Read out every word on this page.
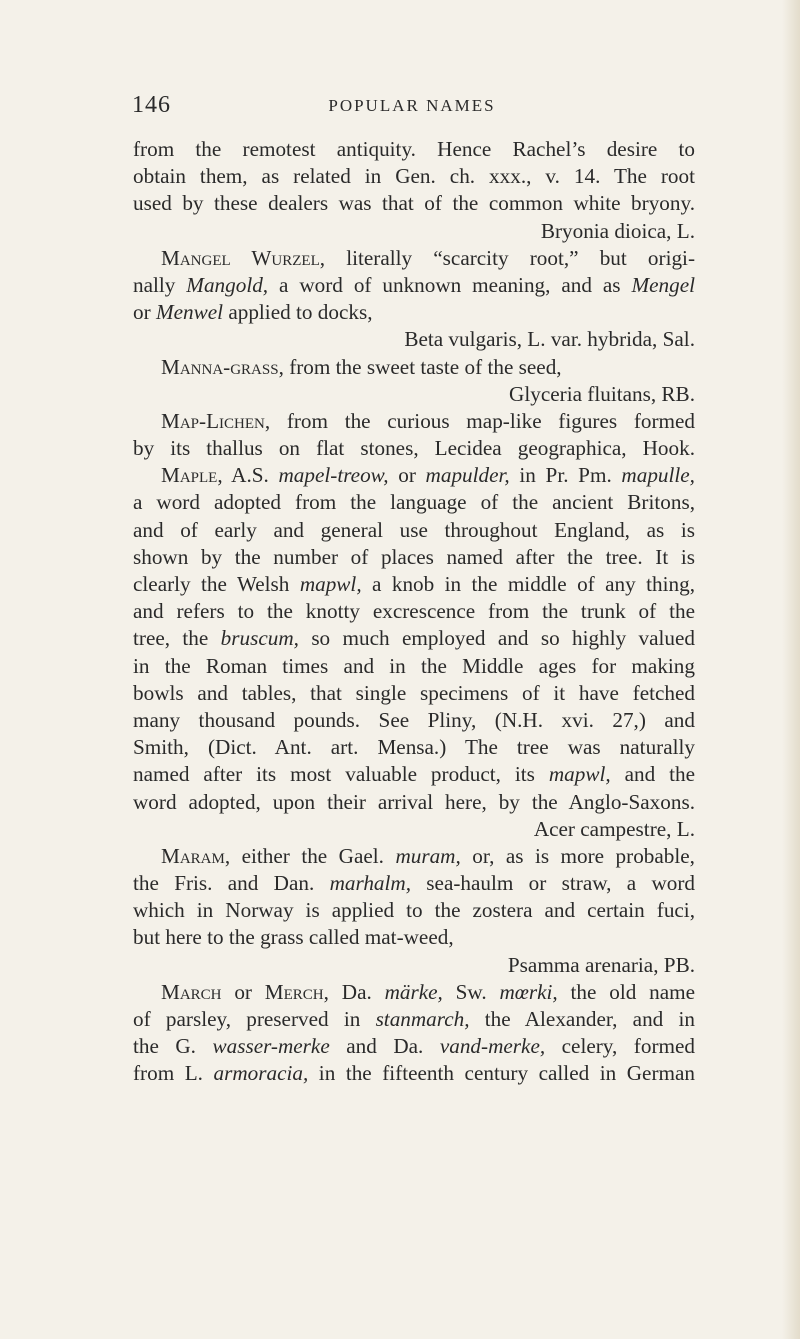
146	POPULAR NAMES
from the remotest antiquity. Hence Rachel’s desire to
obtain them, as related in Gen. ch. xxx., v. 14. The root
used by these dealers was that of the common white bryony.
Bryonia dioica, L.
Mangel Wurzel, literally “scarcity root,” but origi-
nally Mangold, a word of unknown meaning, and as Mengel
or Menwel applied to docks,
Beta vulgaris, L. var. hybrida, Sal.
Manna-grass, from the sweet taste of the seed,
Glyceria fluitans, RB.
Map-Lichen, from the curious map-like figures formed
by its thallus on flat stones, Lecidea geographica, Hook.
Maple, A.S. mapel-treow, or mapulder, in Pr. Pm. mapulle,
a word adopted from the language of the ancient Britons,
and of early and general use throughout England, as is
shown by the number of places named after the tree. It is
clearly the Welsh mapwl, a knob in the middle of any thing,
and refers to the knotty excrescence from the trunk of the
tree, the bruscum, so much employed and so highly valued
in the Roman times and in the Middle ages for making
bowls and tables, that single specimens of it have fetched
many thousand pounds. See Pliny, (N.H. xvi. 27,) and
Smith, (Dict. Ant. art. Mensa.) The tree was naturally
named after its most valuable product, its mapwl, and the
word adopted, upon their arrival here, by the Anglo-Saxons.
Acer campestre, L.
Maram, either the Gael. muram, or, as is more probable,
the Fris. and Dan. marhalm, sea-haulm or straw, a word
which in Norway is applied to the zostera and certain fuci,
but here to the grass called mat-weed,
Psamma arenaria, PB.
March or Merch, Da. märke, Sw. mœrki, the old name
of parsley, preserved in stanmarch, the Alexander, and in
the G. wasser-merke and Da. vand-merke, celery, formed
from L. armoracia, in the fifteenth century called in German
